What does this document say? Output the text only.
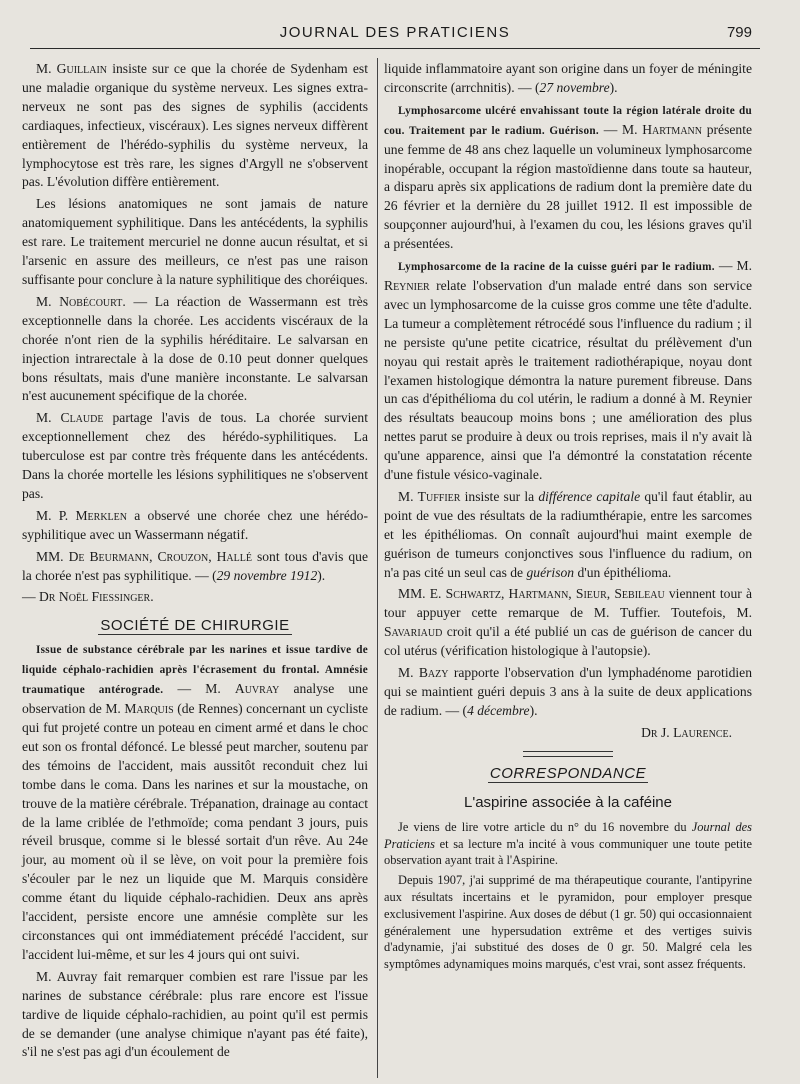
JOURNAL DES PRATICIENS	799

M. Guillain insiste sur ce que la chorée de Sydenham est une maladie organique du système nerveux. Les signes extra-nerveux ne sont pas des signes de syphilis (accidents cardiaques, infectieux, viscéraux). Les signes nerveux diffèrent entièrement de l'hérédo-syphilis du système nerveux, la lymphocytose est très rare, les signes d'Argyll ne s'observent pas. L'évolution diffère entièrement.

Les lésions anatomiques ne sont jamais de nature anatomiquement syphilitique. Dans les antécédents, la syphilis est rare. Le traitement mercuriel ne donne aucun résultat, et si l'arsenic en assure des meilleurs, ce n'est pas une raison suffisante pour conclure à la nature syphilitique des choréiques.

M. Nobécourt. — La réaction de Wassermann est très exceptionnelle dans la chorée. Les accidents viscéraux de la chorée n'ont rien de la syphilis héréditaire. Le salvarsan en injection intrarectale à la dose de 0.10 peut donner quelques bons résultats, mais d'une manière inconstante. Le salvarsan n'est aucunement spécifique de la chorée.

M. Claude partage l'avis de tous. La chorée survient exceptionnellement chez des hérédo-syphilitiques. La tuberculose est par contre très fréquente dans les antécédents. Dans la chorée mortelle les lésions syphilitiques ne s'observent pas.

M. P. Merklen a observé une chorée chez une hérédo-syphilitique avec un Wassermann négatif.

MM. De Beurmann, Crouzon, Hallé sont tous d'avis que la chorée n'est pas syphilitique. — (29 novembre 1912).

— Dr Noël Fiessinger.

SOCIÉTÉ DE CHIRURGIE

Issue de substance cérébrale par les narines et issue tardive de liquide céphalo-rachidien après l'écrasement du frontal. Amnésie traumatique antérograde. — M. Auvray analyse une observation de M. Marquis (de Rennes) concernant un cycliste qui fut projeté contre un poteau en ciment armé et dans le choc eut son os frontal défoncé. Le blessé peut marcher, soutenu par des témoins de l'accident, mais aussitôt reconduit chez lui tombe dans le coma. Dans les narines et sur la moustache, on trouve de la matière cérébrale. Trépanation, drainage au contact de la lame criblée de l'ethmoïde; coma pendant 3 jours, puis réveil brusque, comme si le blessé sortait d'un rêve. Au 24e jour, au moment où il se lève, on voit pour la première fois s'écouler par le nez un liquide que M. Marquis considère comme étant du liquide céphalo-rachidien. Deux ans après l'accident, persiste encore une amnésie complète sur les circonstances qui ont immédiatement précédé l'accident, sur l'accident lui-même, et sur les 4 jours qui ont suivi.

M. Auvray fait remarquer combien est rare l'issue par les narines de substance cérébrale: plus rare encore est l'issue tardive de liquide céphalo-rachidien, au point qu'il est permis de se demander (une analyse chimique n'ayant pas été faite), s'il ne s'est pas agi d'un écoulement de

liquide inflammatoire ayant son origine dans un foyer de méningite circonscrite (arrchnitis). — (27 novembre).

Lymphosarcome ulcéré envahissant toute la région latérale droite du cou. Traitement par le radium. Guérison. — M. Hartmann présente une femme de 48 ans chez laquelle un volumineux lymphosarcome inopérable, occupant la région mastoïdienne dans toute sa hauteur, a disparu après six applications de radium dont la première date du 26 février et la dernière du 28 juillet 1912. Il est impossible de soupçonner aujourd'hui, à l'examen du cou, les lésions graves qu'il a présentées.

Lymphosarcome de la racine de la cuisse guéri par le radium. — M. Reynier relate l'observation d'un malade entré dans son service avec un lymphosarcome de la cuisse gros comme une tête d'adulte. La tumeur a complètement rétrocédé sous l'influence du radium ; il ne persiste qu'une petite cicatrice, résultat du prélèvement d'un noyau qui restait après le traitement radiothérapique, noyau dont l'examen histologique démontra la nature purement fibreuse. Dans un cas d'épithélioma du col utérin, le radium a donné à M. Reynier des résultats beaucoup moins bons ; une amélioration des plus nettes parut se produire à deux ou trois reprises, mais il n'y avait là qu'une apparence, ainsi que l'a démontré la constatation récente d'une fistule vésico-vaginale.

M. Tuffier insiste sur la différence capitale qu'il faut établir, au point de vue des résultats de la radiumthérapie, entre les sarcomes et les épithéliomas. On connaît aujourd'hui maint exemple de guérison de tumeurs conjonctives sous l'influence du radium, on n'a pas cité un seul cas de guérison d'un épithélioma.

MM. E. Schwartz, Hartmann, Sieur, Sebileau viennent tour à tour appuyer cette remarque de M. Tuffier. Toutefois, M. Savariaud croit qu'il a été publié un cas de guérison de cancer du col utérus (vérification histologique à l'autopsie).

M. Bazy rapporte l'observation d'un lymphadénome parotidien qui se maintient guéri depuis 3 ans à la suite de deux applications de radium. — (4 décembre).

Dr J. Laurence.
CORRESPONDANCE
L'aspirine associée à la caféine

Je viens de lire votre article du n° du 16 novembre du Journal des Praticiens et sa lecture m'a incité à vous communiquer une toute petite observation ayant trait à l'Aspirine.

Depuis 1907, j'ai supprimé de ma thérapeutique courante, l'antipyrine aux résultats incertains et le pyramidon, pour employer presque exclusivement l'aspirine. Aux doses de début (1 gr. 50) qui occasionnaient généralement une hypersudation extrême et des vertiges suivis d'adynamie, j'ai substitué des doses de 0 gr. 50. Malgré cela les symptômes adynamiques moins marqués, c'est vrai, sont assez fréquents.
